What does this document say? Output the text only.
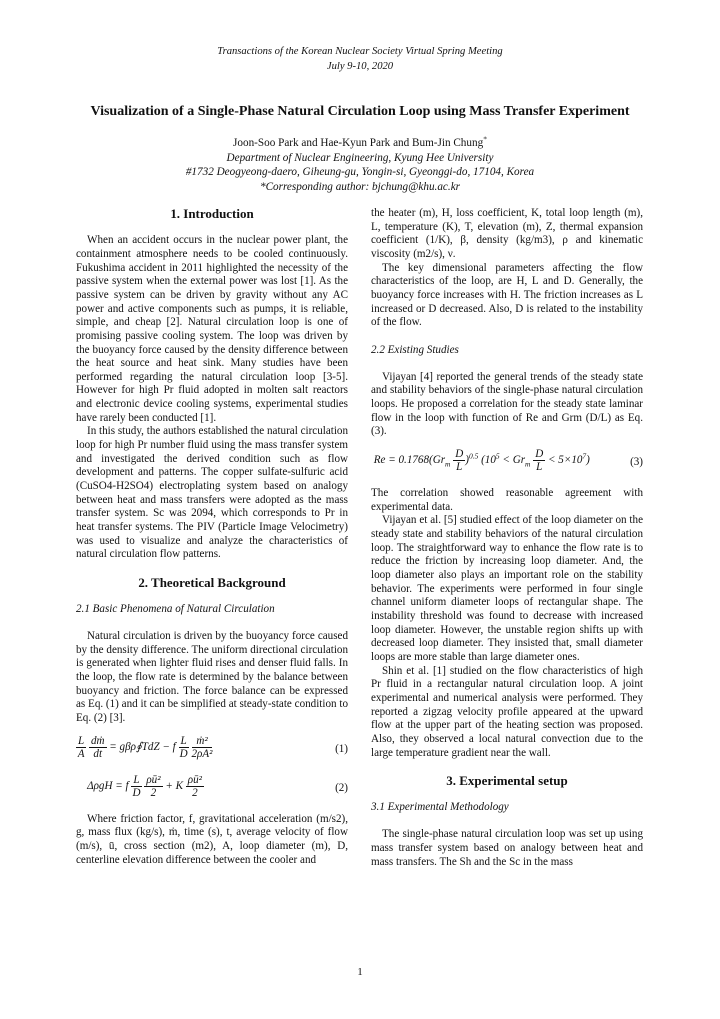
Transactions of the Korean Nuclear Society Virtual Spring Meeting
July 9-10, 2020
Visualization of a Single-Phase Natural Circulation Loop using Mass Transfer Experiment
Joon-Soo Park and Hae-Kyun Park and Bum-Jin Chung*
Department of Nuclear Engineering, Kyung Hee University
#1732 Deogyeong-daero, Giheung-gu, Yongin-si, Gyeonggi-do, 17104, Korea
*Corresponding author: bjchung@khu.ac.kr
1. Introduction

When an accident occurs in the nuclear power plant, the containment atmosphere needs to be cooled continuously. Fukushima accident in 2011 highlighted the necessity of the passive system when the external power was lost [1]. As the passive system can be driven by gravity without any AC power and active components such as pumps, it is reliable, simple, and cheap [2]. Natural circulation loop is one of promising passive cooling system. The loop was driven by the buoyancy force caused by the density difference between the heat source and heat sink. Many studies have been performed regarding the natural circulation loop [3-5]. However for high Pr fluid adopted in molten salt reactors and electronic device cooling systems, experimental studies have rarely been conducted [1].

In this study, the authors established the natural circulation loop for high Pr number fluid using the mass transfer system and investigated the derived condition such as flow development and patterns. The copper sulfate-sulfuric acid (CuSO4-H2SO4) electroplating system based on analogy between heat and mass transfers were adopted as the mass transfer system. Sc was 2094, which corresponds to Pr in heat transfer systems. The PIV (Particle Image Velocimetry) was used to visualize and analyze the characteristics of natural circulation flow patterns.

2. Theoretical Background

2.1 Basic Phenomena of Natural Circulation

Natural circulation is driven by the buoyancy force caused by the density difference. The uniform directional circulation is generated when lighter fluid rises and denser fluid falls. In the loop, the flow rate is determined by the balance between buoyancy and friction. The force balance can be expressed as Eq. (1) and it can be simplified at steady-state condition to Eq. (2) [3].

$\frac{L}{A}$
$\frac{\text{dṁ}}{dt}$ = gβρ∮TdZ − f $\frac{L}{D}$
$\frac{\text{ṁ²}}{\text{2ρA²}}$	(1)
ΔρgH = f $\frac{L}{D}$
$\frac{\text{ρū²}}{2} + K \frac{\text{ρū²}}{2}$	(2)

Where friction factor, f, gravitational acceleration (m/s2), g, mass flux (kg/s), ṁ, time (s), t, average velocity of flow (m/s), ū, cross section (m2), A, loop diameter (m), D, centerline elevation difference between the cooler and

the heater (m), H, loss coefficient, K, total loop length (m), L, temperature (K), T, elevation (m), Z, thermal expansion coefficient (1/K), β, density (kg/m3), ρ and kinematic viscosity (m2/s), ν.

The key dimensional parameters affecting the flow characteristics of the loop, are H, L and D. Generally, the buoyancy force increases with H. The friction increases as L increased or D decreased. Also, D is related to the instability of the flow.

2.2 Existing Studies

Vijayan [4] reported the general trends of the steady state and stability behaviors of the single-phase natural circulation loops. He proposed a correlation for the steady state laminar flow in the loop with function of Re and Grm (D/L) as Eq. (3).

$Re = 0.1768(Gr_m \frac{D}{L} )^{0.5}$ $(10^5 < Gr_m \frac{D}{L} < 5\times 10^7)$	(3)

The correlation showed reasonable agreement with experimental data.

Vijayan et al. [5] studied effect of the loop diameter on the steady state and stability behaviors of the natural circulation loop. The straightforward way to enhance the flow rate is to reduce the friction by increasing loop diameter. And, the loop diameter also plays an important role on the stability behavior. The experiments were performed in four single channel uniform diameter loops of rectangular shape. The instability threshold was found to decrease with increased loop diameter. However, the unstable region shifts up with decreased loop diameter. They insisted that, small diameter loops are more stable than large diameter ones.

Shin et al. [1] studied on the flow characteristics of high Pr fluid in a rectangular natural circulation loop. A joint experimental and numerical analysis were performed. They reported a zigzag velocity profile appeared at the upward flow at the upper part of the heating section was proposed. Also, they observed a local natural convection due to the large temperature gradient near the wall.

3. Experimental setup

3.1 Experimental Methodology

The single-phase natural circulation loop was set up using mass transfer system based on analogy between heat and mass transfers. The Sh and the Sc in the mass

1
